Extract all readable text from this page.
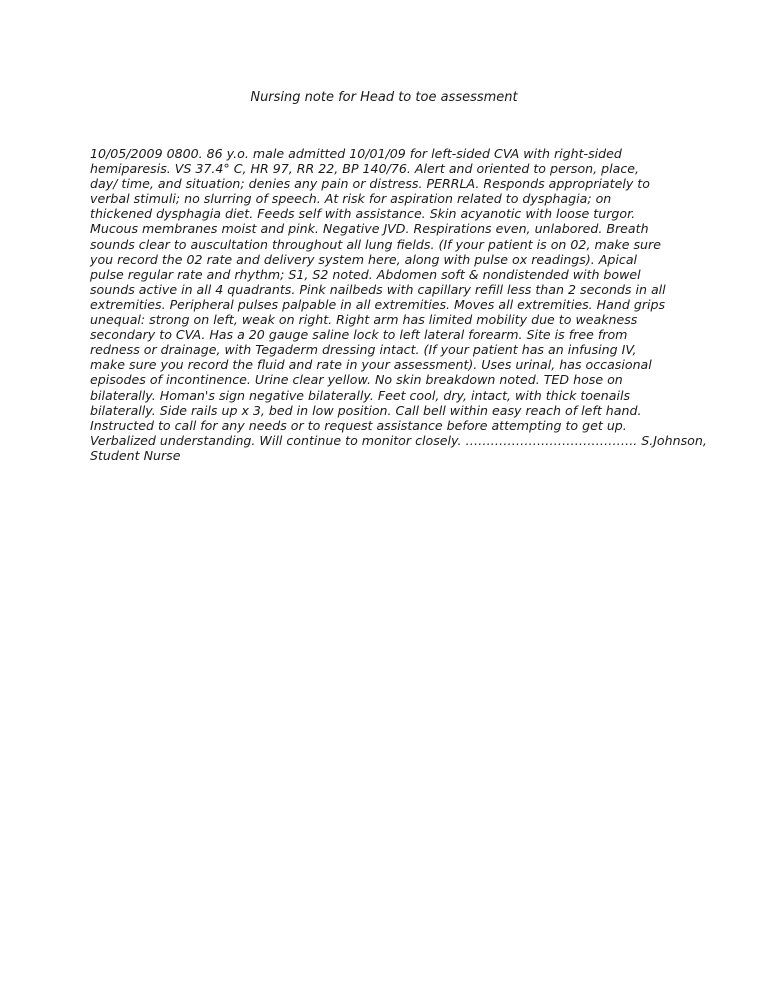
Nursing note for Head to toe assessment
10/05/2009 0800. 86 y.o. male admitted 10/01/09 for left-sided CVA with right-sided
hemiparesis. VS 37.4° C, HR 97, RR 22, BP 140/76. Alert and oriented to person, place,
day/ time, and situation; denies any pain or distress. PERRLA. Responds appropriately to
verbal stimuli; no slurring of speech. At risk for aspiration related to dysphagia; on
thickened dysphagia diet. Feeds self with assistance. Skin acyanotic with loose turgor.
Mucous membranes moist and pink. Negative JVD. Respirations even, unlabored. Breath
sounds clear to auscultation throughout all lung fields. (If your patient is on 02, make sure
you record the 02 rate and delivery system here, along with pulse ox readings). Apical
pulse regular rate and rhythm; S1, S2 noted. Abdomen soft & nondistended with bowel
sounds active in all 4 quadrants. Pink nailbeds with capillary refill less than 2 seconds in all
extremities. Peripheral pulses palpable in all extremities. Moves all extremities. Hand grips
unequal: strong on left, weak on right. Right arm has limited mobility due to weakness
secondary to CVA. Has a 20 gauge saline lock to left lateral forearm. Site is free from
redness or drainage, with Tegaderm dressing intact. (If your patient has an infusing IV,
make sure you record the fluid and rate in your assessment). Uses urinal, has occasional
episodes of incontinence. Urine clear yellow. No skin breakdown noted. TED hose on
bilaterally. Homan's sign negative bilaterally. Feet cool, dry, intact, with thick toenails
bilaterally. Side rails up x 3, bed in low position. Call bell within easy reach of left hand.
Instructed to call for any needs or to request assistance before attempting to get up.
Verbalized understanding. Will continue to monitor closely. ………………………………….. S.Johnson,
Student Nurse
